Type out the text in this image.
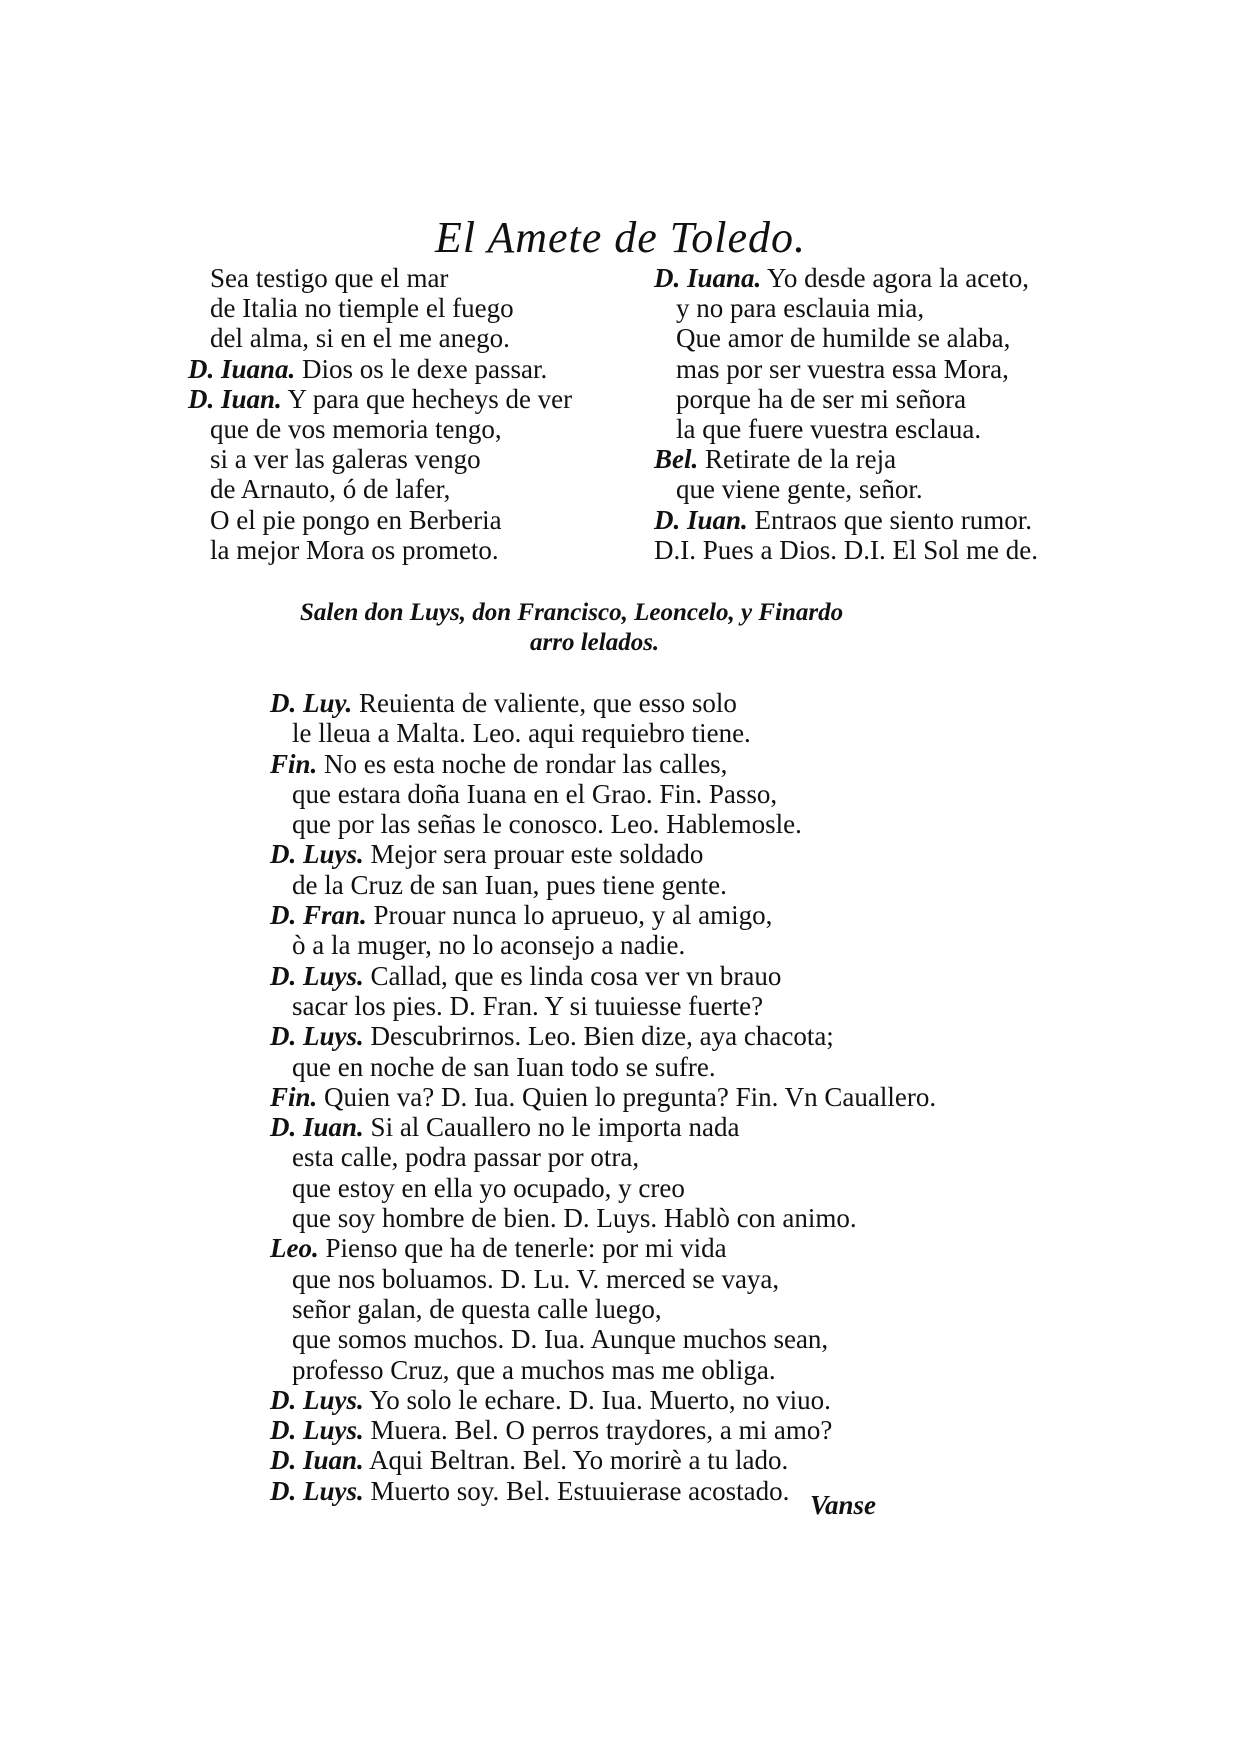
El Amete de Toledo.
Sea testigo que el mar
de Italia no tiemple el fuego
del alma, si en el me anego.
D. Iuana. Dios os le dexe passar.
D. Iuan. Y para que hecheys de ver
que de vos memoria tengo,
si a ver las galeras vengo
de Arnauto, ó de lafer,
O el pie pongo en Berberia
la mejor Mora os prometo.
D. Iuana. Yo desde agora la aceto,
y no para esclauia mia,
Que amor de humilde se alaba,
mas por ser vuestra essa Mora,
porque ha de ser mi señora
la que fuere vuestra esclaua.
Bel. Retirate de la reja
que viene gente, señor.
D. Iuan. Entraos que siento rumor.
D.I. Pues a Dios. D.I. El Sol me de.
Salen don Luys, don Francisco, Leoncelo, y Finardo
arro lelados.
D. Luy. Reuienta de valiente, que esso solo
le lleua a Malta. Leo. aqui requiebro tiene.
Fin. No es esta noche de rondar las calles,
que estara doña Iuana en el Grao. Fin. Passo,
que por las señas le conosco. Leo. Hablemosle.
D. Luys. Mejor sera prouar este soldado
de la Cruz de san Iuan, pues tiene gente.
D. Fran. Prouar nunca lo aprueuo, y al amigo,
ò a la muger, no lo aconsejo a nadie.
D. Luys. Callad, que es linda cosa ver vn brauo
sacar los pies. D. Fran. Y si tuuiesse fuerte?
D. Luys. Descubrirnos. Leo. Bien dize, aya chacota;
que en noche de san Iuan todo se sufre.
Fin. Quien va? D. Iua. Quien lo pregunta? Fin. Vn Cauallero.
D. Iuan. Si al Cauallero no le importa nada
esta calle, podra passar por otra,
que estoy en ella yo ocupado, y creo
que soy hombre de bien. D. Luys. Hablò con animo.
Leo. Pienso que ha de tenerle: por mi vida
que nos boluamos. D. Lu. V. merced se vaya,
señor galan, de questa calle luego,
que somos muchos. D. Iua. Aunque muchos sean,
professo Cruz, que a muchos mas me obliga.
D. Luys. Yo solo le echare. D. Iua. Muerto, no viuo.
D. Luys. Muera. Bel. O perros traydores, a mi amo?
D. Iuan. Aqui Beltran. Bel. Yo morirè a tu lado.
D. Luys. Muerto soy. Bel. Estuuierase acostado. Vanse
